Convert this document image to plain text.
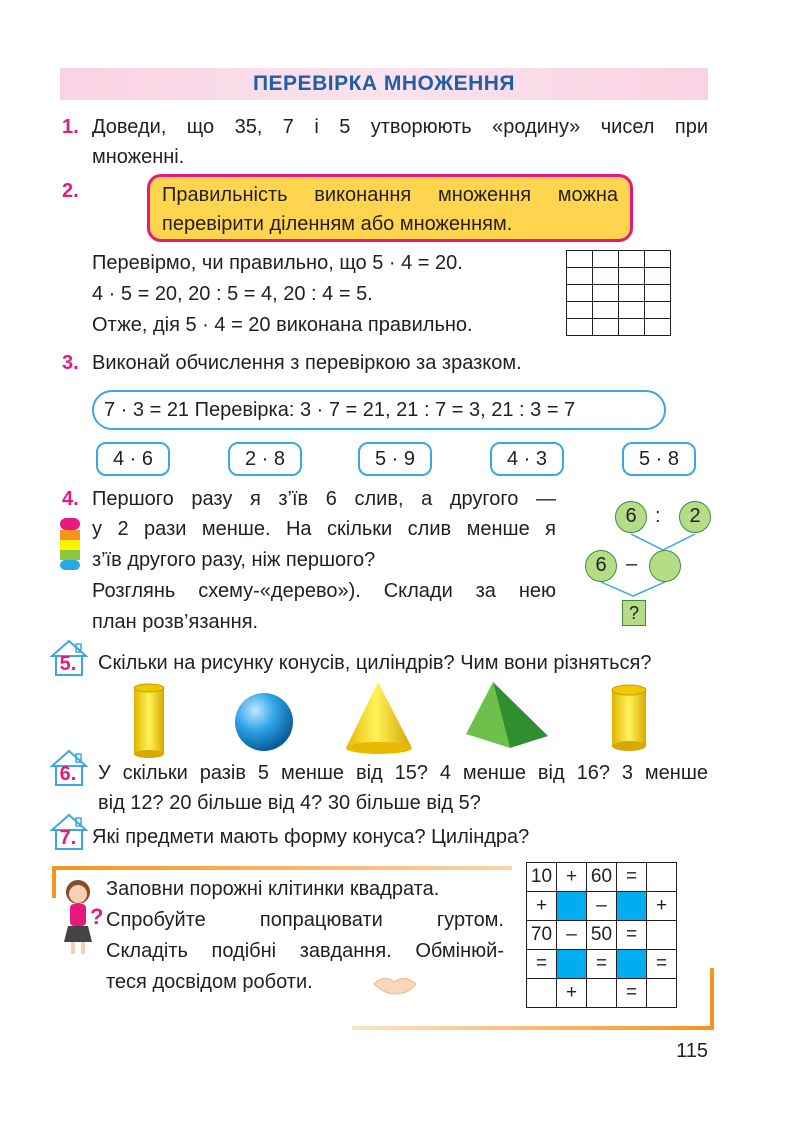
ПЕРЕВІРКА МНОЖЕННЯ
1. Доведи, що 35, 7 і 5 утворюють «родину» чисел при
множенні.
2.	Правильність виконання множення можна
перевірити діленням або множенням.
Перевірмо, чи правильно, що 5 · 4 = 20.
4 · 5 = 20, 20 : 5 = 4, 20 : 4 = 5.
Отже, дія 5 · 4 = 20 виконана правильно.

3. Виконай обчислення з перевіркою за зразком.
7 · 3 = 21 Перевірка: 3 · 7 = 21, 21 : 7 = 3, 21 : 3 = 7
4 · 6	2 · 8	5 · 9	4 · 3	5 · 8
4. Першого разу я з’їв 6 слив, а другого —
у 2 рази менше. На скільки слив менше я
з’їв другого разу, ніж першого?
Розглянь схему-«дерево»). Склади за нею
план розв’язання.
6 :	2
6 –
?
5.	Скільки на рисунку конусів, циліндрів? Чим вони різняться?
6.	У скільки разів 5 менше від 15? 4 менше від 16? 3 менше
від 12? 20 більше від 4? 30 більше від 5?
7. Які предмети мають форму конуса? Циліндра?
?
Заповни порожні клітинки квадрата.
Спробуйте попрацювати гуртом.
Складіть подібні завдання. Обмінюй-
теся досвідом роботи.
10	+	60	=	
+		–		+
70	–	50	=	
=		=		=
	+		=	
115
